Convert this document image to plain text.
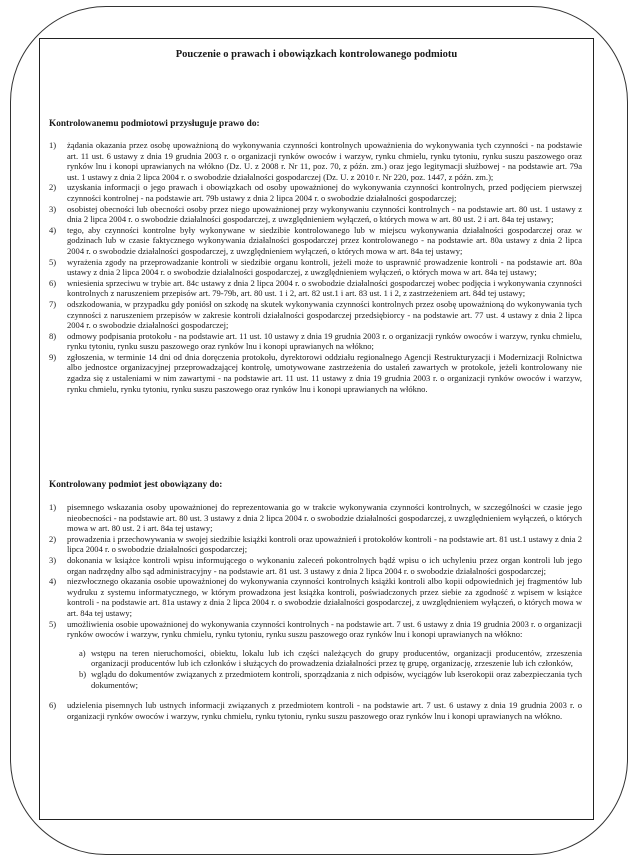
Pouczenie o prawach i obowiązkach kontrolowanego podmiotu
Kontrolowanemu podmiotowi przysługuje prawo do:
1) żądania okazania przez osobę upoważnioną do wykonywania czynności kontrolnych upoważnienia do wykonywania tych czynności - na podstawie art. 11 ust. 6 ustawy z dnia 19 grudnia 2003 r. o organizacji rynków owoców i warzyw, rynku chmielu, rynku tytoniu, rynku suszu paszowego oraz rynków lnu i konopi uprawianych na włókno (Dz. U. z 2008 r. Nr 11, poz. 70, z późn. zm.) oraz jego legitymacji służbowej - na podstawie art. 79a ust. 1 ustawy z dnia 2 lipca 2004 r. o swobodzie działalności gospodarczej (Dz. U. z 2010 r. Nr 220, poz. 1447, z późn. zm.);
2) uzyskania informacji o jego prawach i obowiązkach od osoby upoważnionej do wykonywania czynności kontrolnych, przed podjęciem pierwszej czynności kontrolnej - na podstawie art. 79b ustawy z dnia 2 lipca 2004 r. o swobodzie działalności gospodarczej;
3) osobistej obecności lub obecności osoby przez niego upoważnionej przy wykonywaniu czynności kontrolnych - na podstawie art. 80 ust. 1 ustawy z dnia 2 lipca 2004 r. o swobodzie działalności gospodarczej, z uwzględnieniem wyłączeń, o których mowa w art. 80 ust. 2 i art. 84a tej ustawy;
4) tego, aby czynności kontrolne były wykonywane w siedzibie kontrolowanego lub w miejscu wykonywania działalności gospodarczej oraz w godzinach lub w czasie faktycznego wykonywania działalności gospodarczej przez kontrolowanego - na podstawie art. 80a ustawy z dnia 2 lipca 2004 r. o swobodzie działalności gospodarczej, z uwzględnieniem wyłączeń, o których mowa w art. 84a tej ustawy;
5) wyrażenia zgody na przeprowadzanie kontroli w siedzibie organu kontroli, jeżeli może to usprawnić prowadzenie kontroli - na podstawie art. 80a ustawy z dnia 2 lipca 2004 r. o swobodzie działalności gospodarczej, z uwzględnieniem wyłączeń, o których mowa w art. 84a tej ustawy;
6) wniesienia sprzeciwu w trybie art. 84c ustawy z dnia 2 lipca 2004 r. o swobodzie działalności gospodarczej wobec podjęcia i wykonywania czynności kontrolnych z naruszeniem przepisów art. 79-79b, art. 80 ust. 1 i 2, art. 82 ust.1 i art. 83 ust. 1 i 2, z zastrzeżeniem art. 84d tej ustawy;
7) odszkodowania, w przypadku gdy poniósł on szkodę na skutek wykonywania czynności kontrolnych przez osobę upoważnioną do wykonywania tych czynności z naruszeniem przepisów w zakresie kontroli działalności gospodarczej przedsiębiorcy - na podstawie art. 77 ust. 4 ustawy z dnia 2 lipca 2004 r. o swobodzie działalności gospodarczej;
8) odmowy podpisania protokołu - na podstawie art. 11 ust. 10 ustawy z dnia 19 grudnia 2003 r. o organizacji rynków owoców i warzyw, rynku chmielu, rynku tytoniu, rynku suszu paszowego oraz rynków lnu i konopi uprawianych na włókno;
9) zgłoszenia, w terminie 14 dni od dnia doręczenia protokołu, dyrektorowi oddziału regionalnego Agencji Restrukturyzacji i Modernizacji Rolnictwa albo jednostce organizacyjnej przeprowadzającej kontrolę, umotywowane zastrzeżenia do ustaleń zawartych w protokole, jeżeli kontrolowany nie zgadza się z ustaleniami w nim zawartymi - na podstawie art. 11 ust. 11 ustawy z dnia 19 grudnia 2003 r. o organizacji rynków owoców i warzyw, rynku chmielu, rynku tytoniu, rynku suszu paszowego oraz rynków lnu i konopi uprawianych na włókno.
Kontrolowany podmiot jest obowiązany do:
1) pisemnego wskazania osoby upoważnionej do reprezentowania go w trakcie wykonywania czynności kontrolnych, w szczególności w czasie jego nieobecności - na podstawie art. 80 ust. 3 ustawy z dnia 2 lipca 2004 r. o swobodzie działalności gospodarczej, z uwzględnieniem wyłączeń, o których mowa w art. 80 ust. 2 i art. 84a tej ustawy;
2) prowadzenia i przechowywania w swojej siedzibie książki kontroli oraz upoważnień i protokołów kontroli - na podstawie art. 81 ust.1 ustawy z dnia 2 lipca 2004 r. o swobodzie działalności gospodarczej;
3) dokonania w książce kontroli wpisu informującego o wykonaniu zaleceń pokontrolnych bądź wpisu o ich uchyleniu przez organ kontroli lub jego organ nadrzędny albo sąd administracyjny - na podstawie art. 81 ust. 3 ustawy z dnia 2 lipca 2004 r. o swobodzie działalności gospodarczej;
4) niezwłocznego okazania osobie upoważnionej do wykonywania czynności kontrolnych książki kontroli albo kopii odpowiednich jej fragmentów lub wydruku z systemu informatycznego, w którym prowadzona jest książka kontroli, poświadczonych przez siebie za zgodność z wpisem w książce kontroli - na podstawie art. 81a ustawy z dnia 2 lipca 2004 r. o swobodzie działalności gospodarczej, z uwzględnieniem wyłączeń, o których mowa w art. 84a tej ustawy;
5) umożliwienia osobie upoważnionej do wykonywania czynności kontrolnych - na podstawie art. 7 ust. 6 ustawy z dnia 19 grudnia 2003 r. o organizacji rynków owoców i warzyw, rynku chmielu, rynku tytoniu, rynku suszu paszowego oraz rynków lnu i konopi uprawianych na włókno:
a) wstępu na teren nieruchomości, obiektu, lokalu lub ich części należących do grupy producentów, organizacji producentów, zrzeszenia organizacji producentów lub ich członków i służących do prowadzenia działalności przez tę grupę, organizację, zrzeszenie lub ich członków,
b) wglądu do dokumentów związanych z przedmiotem kontroli, sporządzania z nich odpisów, wyciągów lub kserokopii oraz zabezpieczania tych dokumentów;
6) udzielenia pisemnych lub ustnych informacji związanych z przedmiotem kontroli - na podstawie art. 7 ust. 6 ustawy z dnia 19 grudnia 2003 r. o organizacji rynków owoców i warzyw, rynku chmielu, rynku tytoniu, rynku suszu paszowego oraz rynków lnu i konopi uprawianych na włókno.
